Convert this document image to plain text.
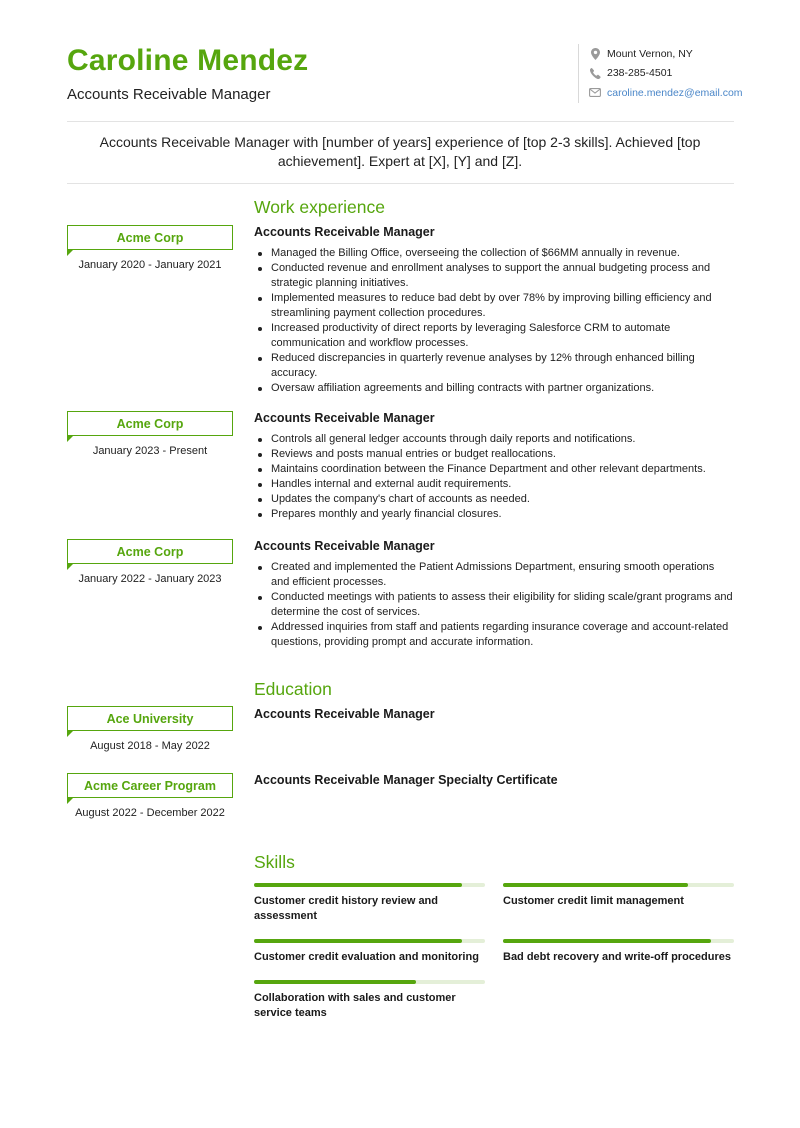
Caroline Mendez
Accounts Receivable Manager
Mount Vernon, NY
238-285-4501
caroline.mendez@email.com
Accounts Receivable Manager with [number of years] experience of [top 2-3 skills]. Achieved [top achievement]. Expert at [X], [Y] and [Z].
Work experience
Acme Corp
January 2020 - January 2021
Accounts Receivable Manager
Managed the Billing Office, overseeing the collection of $66MM annually in revenue.
Conducted revenue and enrollment analyses to support the annual budgeting process and strategic planning initiatives.
Implemented measures to reduce bad debt by over 78% by improving billing efficiency and streamlining payment collection procedures.
Increased productivity of direct reports by leveraging Salesforce CRM to automate communication and workflow processes.
Reduced discrepancies in quarterly revenue analyses by 12% through enhanced billing accuracy.
Oversaw affiliation agreements and billing contracts with partner organizations.
Acme Corp
January 2023 - Present
Accounts Receivable Manager
Controls all general ledger accounts through daily reports and notifications.
Reviews and posts manual entries or budget reallocations.
Maintains coordination between the Finance Department and other relevant departments.
Handles internal and external audit requirements.
Updates the company's chart of accounts as needed.
Prepares monthly and yearly financial closures.
Acme Corp
January 2022 - January 2023
Accounts Receivable Manager
Created and implemented the Patient Admissions Department, ensuring smooth operations and efficient processes.
Conducted meetings with patients to assess their eligibility for sliding scale/grant programs and determine the cost of services.
Addressed inquiries from staff and patients regarding insurance coverage and account-related questions, providing prompt and accurate information.
Education
Ace University
August 2018 - May 2022
Accounts Receivable Manager
Acme Career Program
August 2022 - December 2022
Accounts Receivable Manager Specialty Certificate
Skills
Customer credit history review and assessment
Customer credit limit management
Customer credit evaluation and monitoring	Bad debt recovery and write-off procedures
Collaboration with sales and customer service teams
